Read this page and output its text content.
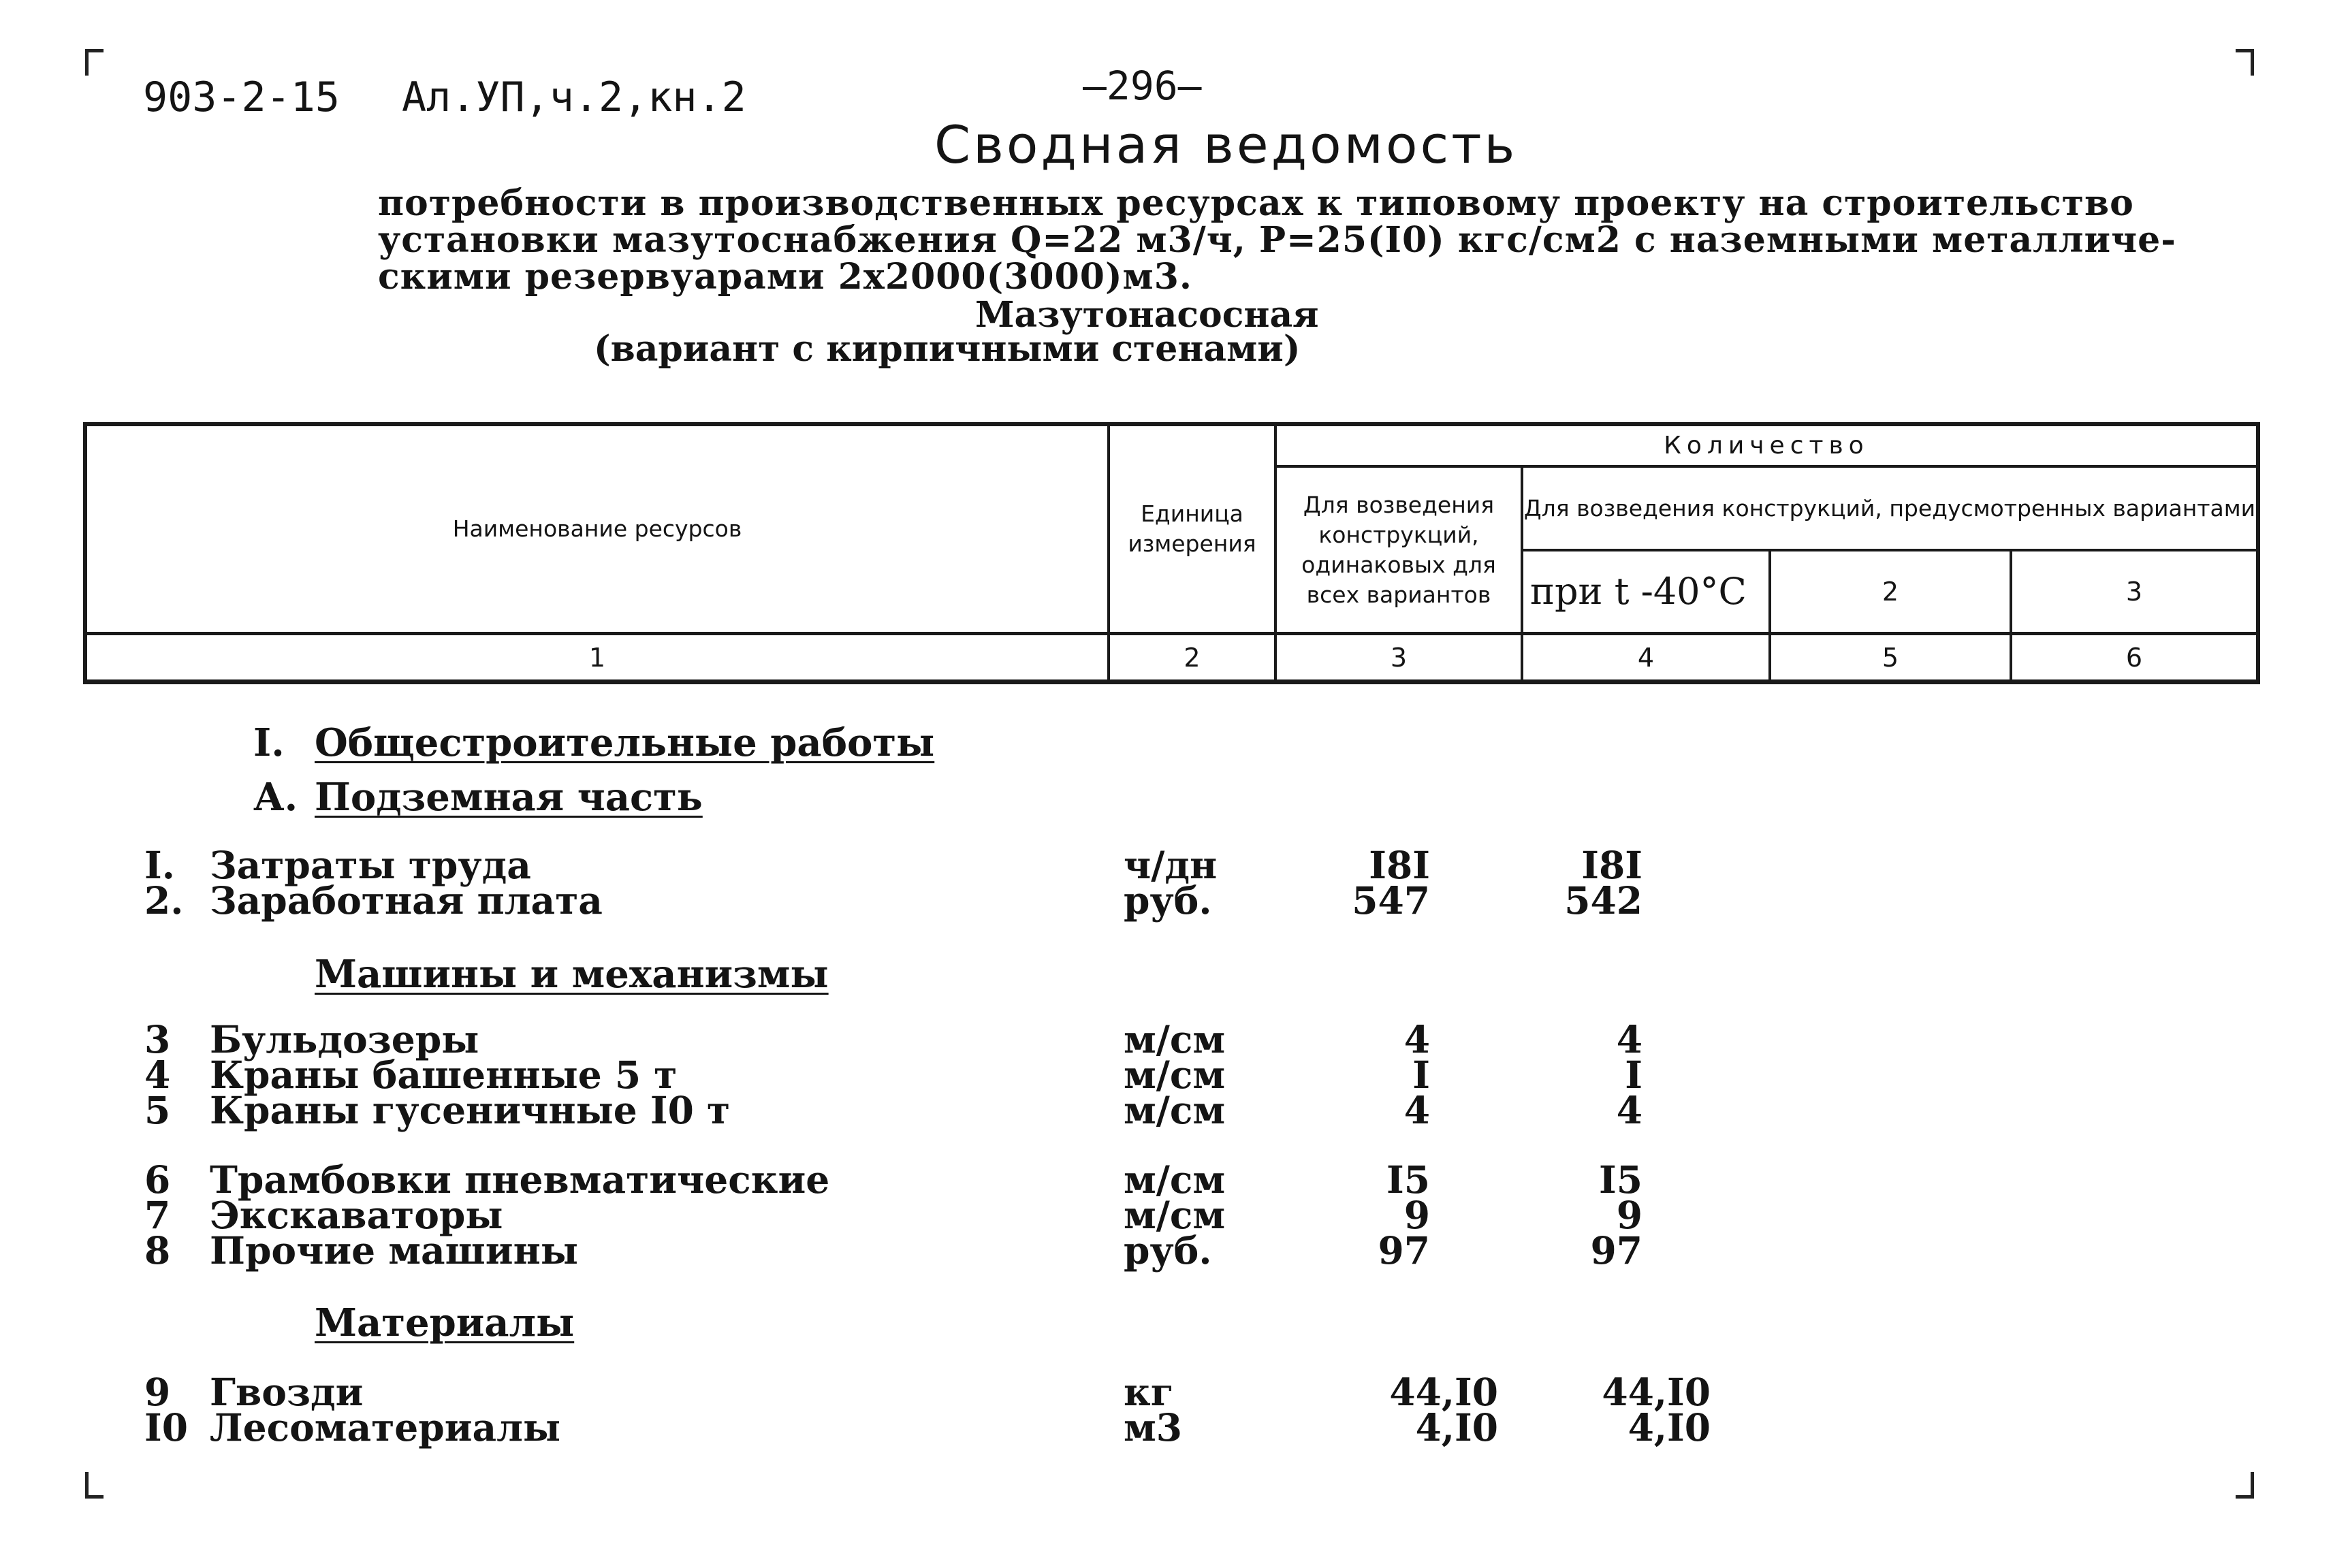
903-2-15 Ал.УП,ч.2,кн.2	—296—
Сводная ведомость
потребности в производственных ресурсах к типовому проекту на строительство
установки мазутоснабжения Q=22 м3/ч, Р=25(I0) кгс/см2 с наземными металличе-
скими резервуарами 2х2000(3000)м3.
Мазутонасосная
(вариант с кирпичными стенами)
Наименование ресурсов
Единица измерения
Количество
Для возведения конструкций, одинаковых для всех вариантов
Для возведения конструкций, предусмотренных вариантами
при t -40°С	2	3
1	2	3	4	5	6
I. Общестроительные работы
А. Подземная часть
I. Затраты труда	ч/дн	I8I	I8I
2. Заработная плата	руб.	547	542
Машины и механизмы
3 Бульдозеры	м/см	4	4
4 Краны башенные 5 т	м/см	I	I
5 Краны гусеничные I0 т	м/см	4	4
6 Трамбовки пневматические	м/см	I5	I5
7 Экскаваторы	м/см	9	9
8 Прочие машины	руб.	97	97
Материалы
9 Гвозди	кг	44,I0	44,I0
I0 Лесоматериалы	м3	4,I0	4,I0
